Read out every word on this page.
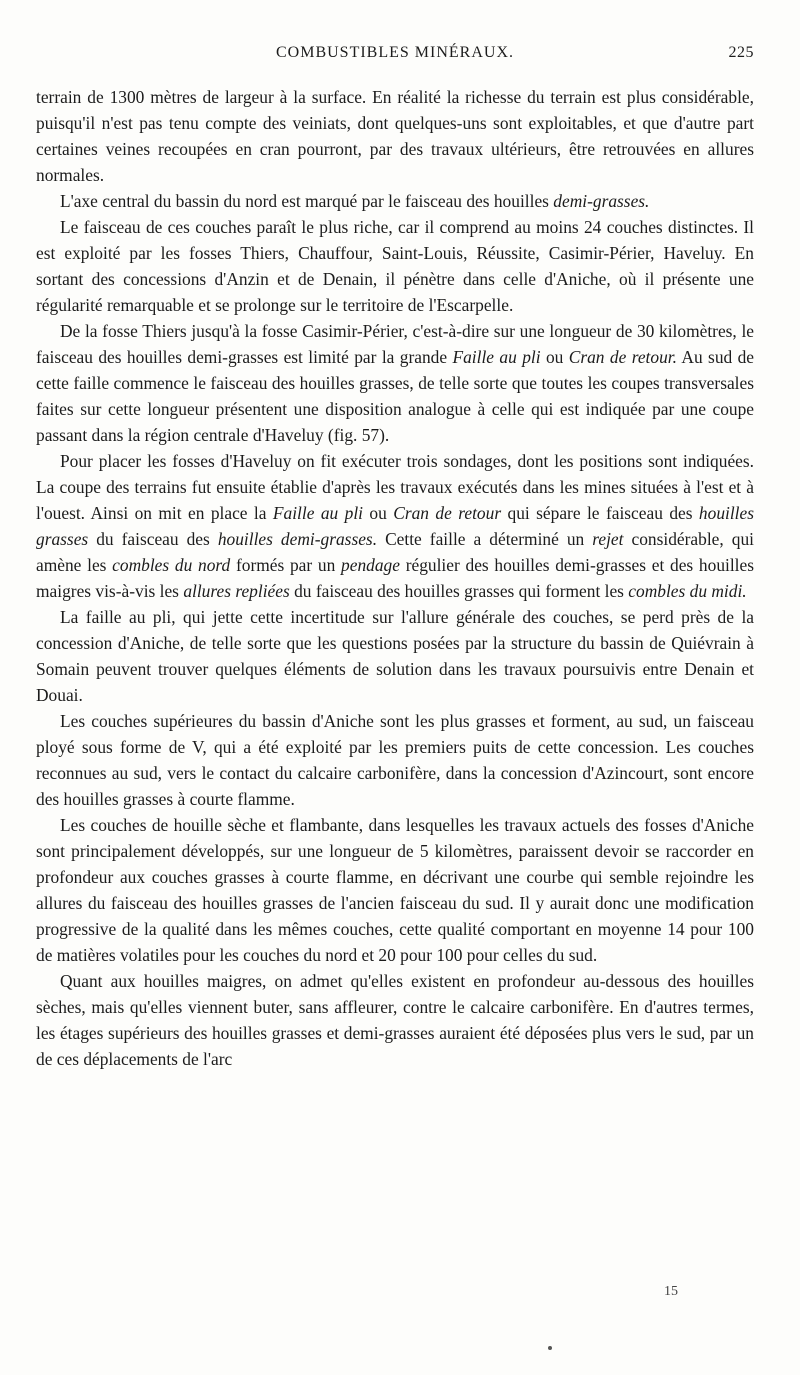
COMBUSTIBLES MINÉRAUX.	225

terrain de 1300 mètres de largeur à la surface. En réalité la richesse du terrain est plus considérable, puisqu'il n'est pas tenu compte des veiniats, dont quelques-uns sont exploitables, et que d'autre part certaines veines recoupées en cran pourront, par des travaux ultérieurs, être retrouvées en allures normales.

L'axe central du bassin du nord est marqué par le faisceau des houilles demi-grasses.

Le faisceau de ces couches paraît le plus riche, car il comprend au moins 24 couches distinctes. Il est exploité par les fosses Thiers, Chauffour, Saint-Louis, Réussite, Casimir-Périer, Haveluy. En sortant des concessions d'Anzin et de Denain, il pénètre dans celle d'Aniche, où il présente une régularité remarquable et se prolonge sur le territoire de l'Escarpelle.

De la fosse Thiers jusqu'à la fosse Casimir-Périer, c'est-à-dire sur une longueur de 30 kilomètres, le faisceau des houilles demi-grasses est limité par la grande Faille au pli ou Cran de retour. Au sud de cette faille commence le faisceau des houilles grasses, de telle sorte que toutes les coupes transversales faites sur cette longueur présentent une disposition analogue à celle qui est indiquée par une coupe passant dans la région centrale d'Haveluy (fig. 57).

Pour placer les fosses d'Haveluy on fit exécuter trois sondages, dont les positions sont indiquées. La coupe des terrains fut ensuite établie d'après les travaux exécutés dans les mines situées à l'est et à l'ouest. Ainsi on mit en place la Faille au pli ou Cran de retour qui sépare le faisceau des houilles grasses du faisceau des houilles demi-grasses. Cette faille a déterminé un rejet considérable, qui amène les combles du nord formés par un pendage régulier des houilles demi-grasses et des houilles maigres vis-à-vis les allures repliées du faisceau des houilles grasses qui forment les combles du midi.

La faille au pli, qui jette cette incertitude sur l'allure générale des couches, se perd près de la concession d'Aniche, de telle sorte que les questions posées par la structure du bassin de Quiévrain à Somain peuvent trouver quelques éléments de solution dans les travaux poursuivis entre Denain et Douai.

Les couches supérieures du bassin d'Aniche sont les plus grasses et forment, au sud, un faisceau ployé sous forme de V, qui a été exploité par les premiers puits de cette concession. Les couches reconnues au sud, vers le contact du calcaire carbonifère, dans la concession d'Azincourt, sont encore des houilles grasses à courte flamme.

Les couches de houille sèche et flambante, dans lesquelles les travaux actuels des fosses d'Aniche sont principalement développés, sur une longueur de 5 kilomètres, paraissent devoir se raccorder en profondeur aux couches grasses à courte flamme, en décrivant une courbe qui semble rejoindre les allures du faisceau des houilles grasses de l'ancien faisceau du sud. Il y aurait donc une modification progressive de la qualité dans les mêmes couches, cette qualité comportant en moyenne 14 pour 100 de matières volatiles pour les couches du nord et 20 pour 100 pour celles du sud.

Quant aux houilles maigres, on admet qu'elles existent en profondeur au-dessous des houilles sèches, mais qu'elles viennent buter, sans affleurer, contre le calcaire carbonifère. En d'autres termes, les étages supérieurs des houilles grasses et demi-grasses auraient été déposées plus vers le sud, par un de ces déplacements de l'arc

15
